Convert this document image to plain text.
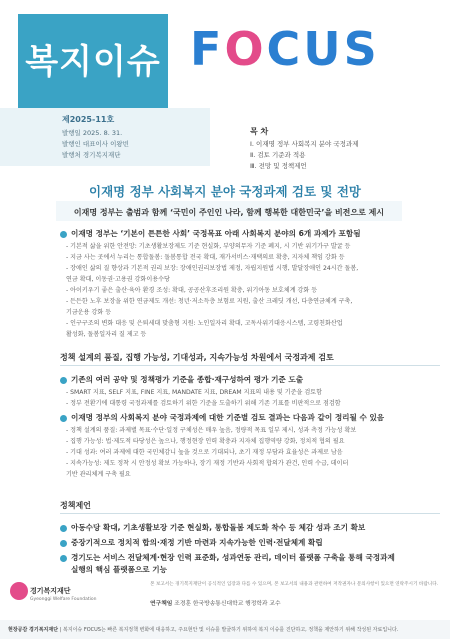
복지이슈 FOCUS
제2025-11호
발행일 2025. 8. 31.
발행인 대표이사 이왕빈
발행처 경기복지재단
목 차
Ⅰ. 이재명 정부 사회복지 분야 국정과제
Ⅱ. 검토 기준과 적용
Ⅲ. 전망 및 정책제언
이재명 정부 사회복지 분야 국정과제 검토 및 전망
이재명 정부는 출범과 함께 ‘국민이 주인인 나라, 함께 행복한 대한민국’을 비전으로 제시
이재명 정부는 ‘기본이 튼튼한 사회’ 국정목표 아래 사회복지 분야의 6개 과제가 포함됨
- 기본적 삶을 위한 안전망: 기초생활보장제도 기준 현실화, 부양의무자 기준 폐지, 시 기반 위기가구 발굴 등
- 지금 사는 곳에서 누리는 통합돌봄: 돌봄통합 전국 확대, 재가서비스·재택의료 확충, 지자체 책임 강화 등
- 장애인 삶의 질 향상과 기본적 권리 보장: 장애인권리보장법 제정, 자립지원법 시행, 발달장애인 24시간 돌봄,
연금 확대, 이동권·고용권 강화이용수당
- 아이키우기 좋은 출산·육아 환경 조성: 확대, 공공산후조리원 확충, 위기아동 보호체계 강화 등
- 든든한 노후 보장을 위한 연금제도 개선: 청년·저소득층 보험료 지원, 출산 크레딧 개선, 다층연금체계 구축,
기금운용 강화 등
- 인구구조의 변화 대응 및 은퇴세대 맞춤형 지원: 노인일자리 확대, 고독사위기대응시스템, 고령친화산업
활성화, 돌봄일자리 질 제고 등
정책 설계의 품질, 집행 가능성, 기대성과, 지속가능성 차원에서 국정과제 검토
기존의 여러 공약 및 정책평가 기준을 종합·재구성하여 평가 기준 도출
- SMART 지표, SELF 지표, FINE 지표, MANDATE 지표, DREAM 지표의 내용 및 기준을 검토함
- 정부 전환기에 대통령 국정과제를 검토하기 위한 기준을 도출하기 위해 기존 기표를 비판적으로 점검함
이재명 정부의 사회복지 분야 국정과제에 대한 기준별 검토 결과는 다음과 같이 정리될 수 있음
- 정책 설계의 품질: 과제별 목표·수단·일정 구체성은 매우 높음, 정량적 목표 일부 제시, 성과 측정 가능성 확보
- 집행 가능성: 법·제도적 타당성은 높으나, 행정현장 인력 확충과 지자체 집행역량 강화, 정치적 협의 필요
- 기대 성과: 여러 과제에 대한 국민체감니 높을 것으로 기대되나, 초기 재정 부담과 효율성은 과제로 남음
- 지속가능성: 제도 정착 시 안정성 확보 가능하나, 장기 재정 기반과 사회적 합의가 관건, 인력 수급, 데이터
기반 관리체계 구축 필요
정책제언
아동수당 확대, 기초생활보장 기준 현실화, 통합돌봄 제도화 착수 등 체감 성과 조기 확보
중장기적으로 정치적 합의·재정 기반 마련과 지속가능한 인력·전달체계 확립
경기도는 서비스 전달체계·현장 인력 표준화, 성과연동 관리, 데이터 플랫폼 구축을 통해 국정과제
실행의 핵심 플랫폼으로 기능
경기복지재단
Gyeonggi Welfare Foundation
본 보고서는 경기복지재단이 공식적인 입장과 다를 수 있으며, 본 보고서의 내용과 관련하여 저작권자나 문의사항이 있으면 연락주시기 바랍니다.
연구책임 조경훈 한국방송통신대학교 행정학과 교수
현장공감 경기복지재단 | 복지이슈 FOCUS는 빠른 복지정책 변화에 대응하고, 주요현안 및 이슈를 발굴하기 위하여 복지 이슈를 진단하고, 정책을 제안하기 위해 작성된 자료입니다.
